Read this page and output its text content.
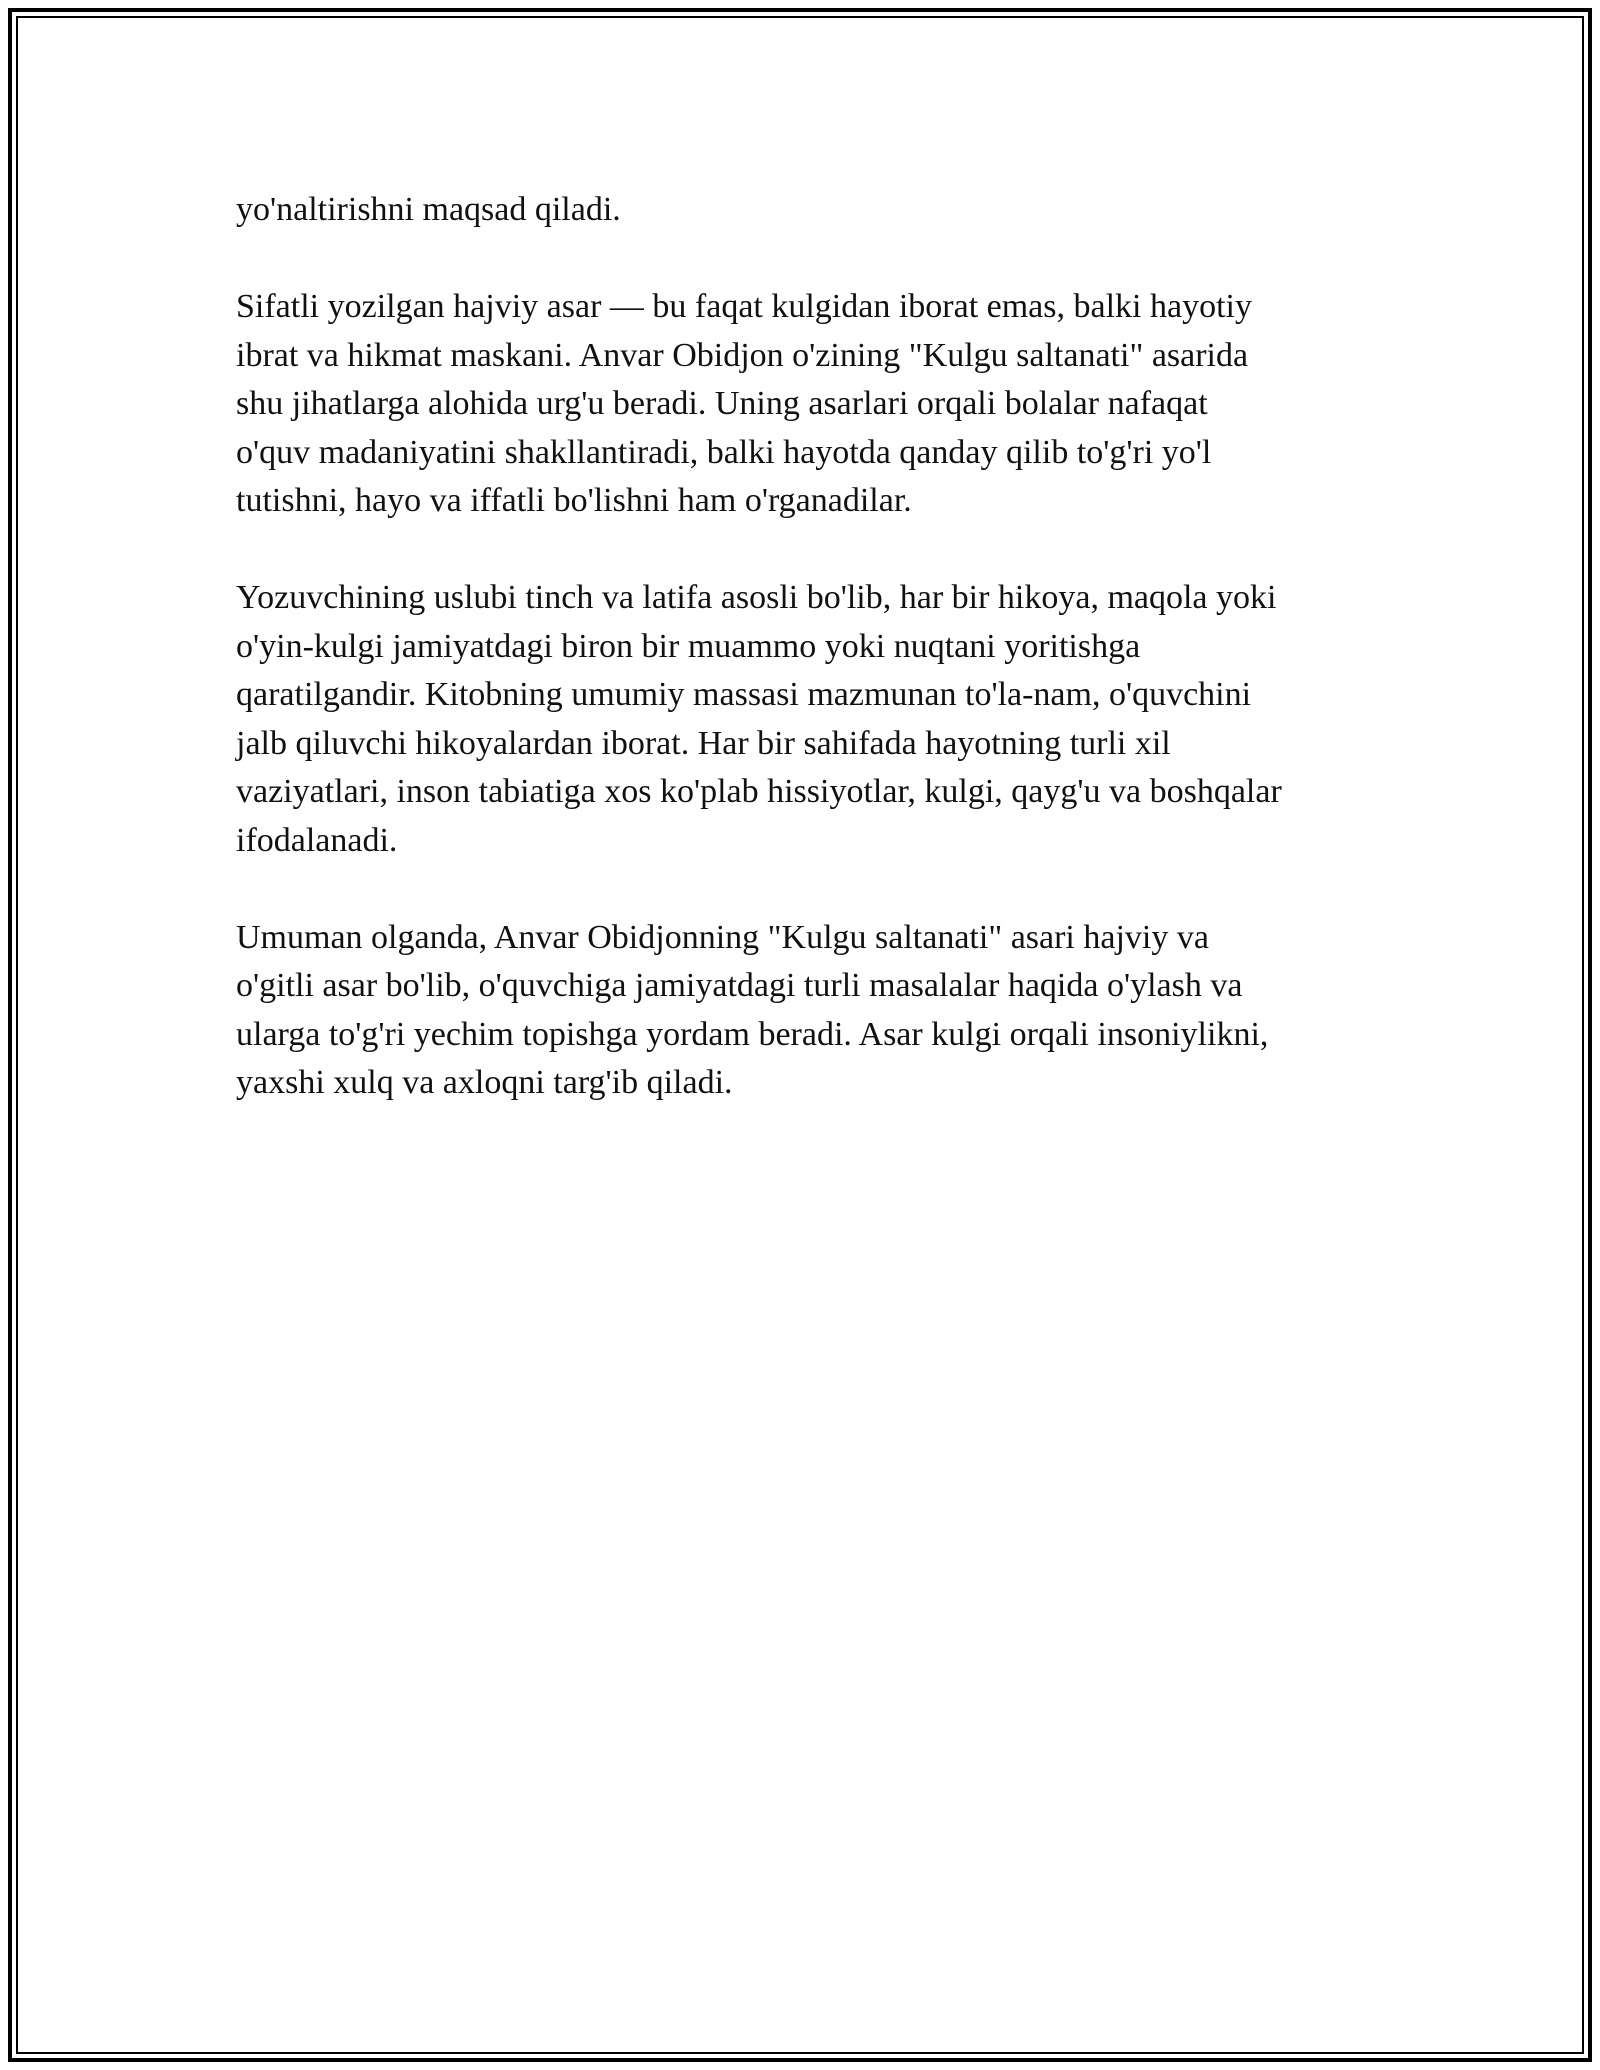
yo'naltirishni maqsad qiladi.

Sifatli yozilgan hajviy asar — bu faqat kulgidan iborat emas, balki hayotiy
ibrat va hikmat maskani. Anvar Obidjon o'zining "Kulgu saltanati" asarida
shu jihatlarga alohida urg'u beradi. Uning asarlari orqali bolalar nafaqat
o'quv madaniyatini shakllantiradi, balki hayotda qanday qilib to'g'ri yo'l
tutishni, hayo va iffatli bo'lishni ham o'rganadilar.

Yozuvchining uslubi tinch va latifa asosli bo'lib, har bir hikoya, maqola yoki
o'yin-kulgi jamiyatdagi biron bir muammo yoki nuqtani yoritishga
qaratilgandir. Kitobning umumiy massasi mazmunan to'la-nam, o'quvchini
jalb qiluvchi hikoyalardan iborat. Har bir sahifada hayotning turli xil
vaziyatlari, inson tabiatiga xos ko'plab hissiyotlar, kulgi, qayg'u va boshqalar
ifodalanadi.

Umuman olganda, Anvar Obidjonning "Kulgu saltanati" asari hajviy va
o'gitli asar bo'lib, o'quvchiga jamiyatdagi turli masalalar haqida o'ylash va
ularga to'g'ri yechim topishga yordam beradi. Asar kulgi orqali insoniylikni,
yaxshi xulq va axloqni targ'ib qiladi.
